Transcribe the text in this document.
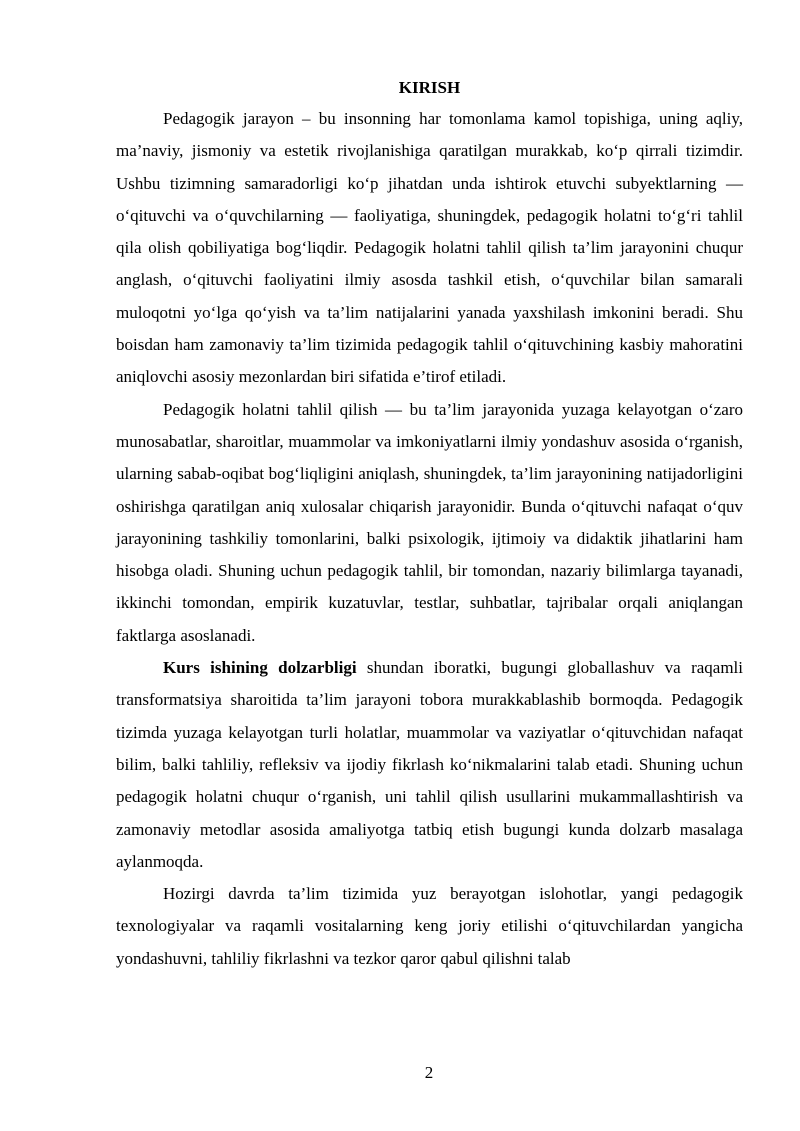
KIRISH

Pedagogik jarayon – bu insonning har tomonlama kamol topishiga, uning aqliy, ma’naviy, jismoniy va estetik rivojlanishiga qaratilgan murakkab, ko‘p qirrali tizimdir. Ushbu tizimning samaradorligi ko‘p jihatdan unda ishtirok etuvchi subyektlarning — o‘qituvchi va o‘quvchilarning — faoliyatiga, shuningdek, pedagogik holatni to‘g‘ri tahlil qila olish qobiliyatiga bog‘liqdir. Pedagogik holatni tahlil qilish ta’lim jarayonini chuqur anglash, o‘qituvchi faoliyatini ilmiy asosda tashkil etish, o‘quvchilar bilan samarali muloqotni yo‘lga qo‘yish va ta’lim natijalarini yanada yaxshilash imkonini beradi. Shu boisdan ham zamonaviy ta’lim tizimida pedagogik tahlil o‘qituvchining kasbiy mahoratini aniqlovchi asosiy mezonlardan biri sifatida e’tirof etiladi.

Pedagogik holatni tahlil qilish — bu ta’lim jarayonida yuzaga kelayotgan o‘zaro munosabatlar, sharoitlar, muammolar va imkoniyatlarni ilmiy yondashuv asosida o‘rganish, ularning sabab-oqibat bog‘liqligini aniqlash, shuningdek, ta’lim jarayonining natijadorligini oshirishga qaratilgan aniq xulosalar chiqarish jarayonidir. Bunda o‘qituvchi nafaqat o‘quv jarayonining tashkiliy tomonlarini, balki psixologik, ijtimoiy va didaktik jihatlarini ham hisobga oladi. Shuning uchun pedagogik tahlil, bir tomondan, nazariy bilimlarga tayanadi, ikkinchi tomondan, empirik kuzatuvlar, testlar, suhbatlar, tajribalar orqali aniqlangan faktlarga asoslanadi.

Kurs ishining dolzarbligi shundan iboratki, bugungi globallashuv va raqamli transformatsiya sharoitida ta’lim jarayoni tobora murakkablashib bormoqda. Pedagogik tizimda yuzaga kelayotgan turli holatlar, muammolar va vaziyatlar o‘qituvchidan nafaqat bilim, balki tahliliy, refleksiv va ijodiy fikrlash ko‘nikmalarini talab etadi. Shuning uchun pedagogik holatni chuqur o‘rganish, uni tahlil qilish usullarini mukammallashtirish va zamonaviy metodlar asosida amaliyotga tatbiq etish bugungi kunda dolzarb masalaga aylanmoqda.

Hozirgi davrda ta’lim tizimida yuz berayotgan islohotlar, yangi pedagogik texnologiyalar va raqamli vositalarning keng joriy etilishi o‘qituvchilardan yangicha yondashuvni, tahliliy fikrlashni va tezkor qaror qabul qilishni talab

2
